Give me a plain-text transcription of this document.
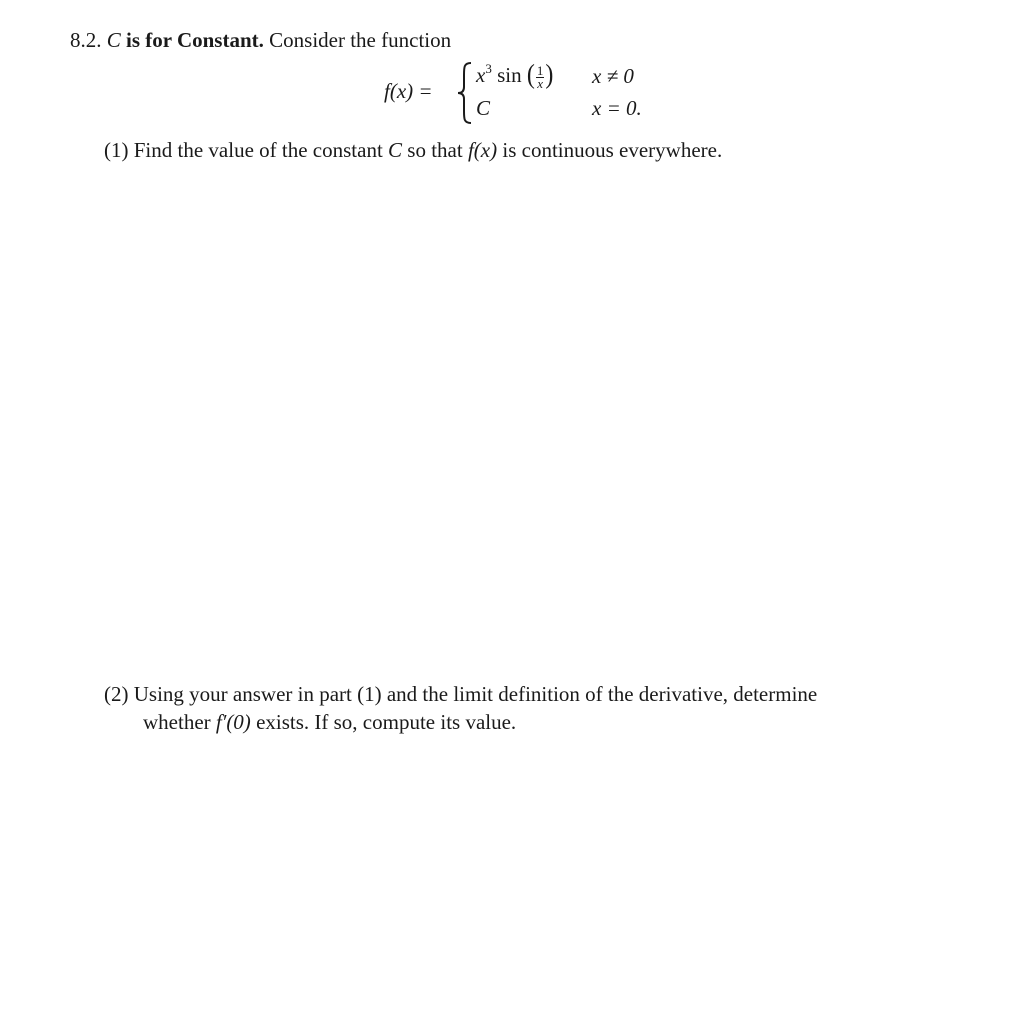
8.2. C is for Constant. Consider the function
f(x) =
$x^3$ sin ( $\frac{1}{x}$ ) x ≠ 0
C	x = 0.
(1) Find the value of the constant C so that f(x) is continuous everywhere.
(2) Using your answer in part (1) and the limit definition of the derivative, determine
whether f′(0) exists. If so, compute its value.
